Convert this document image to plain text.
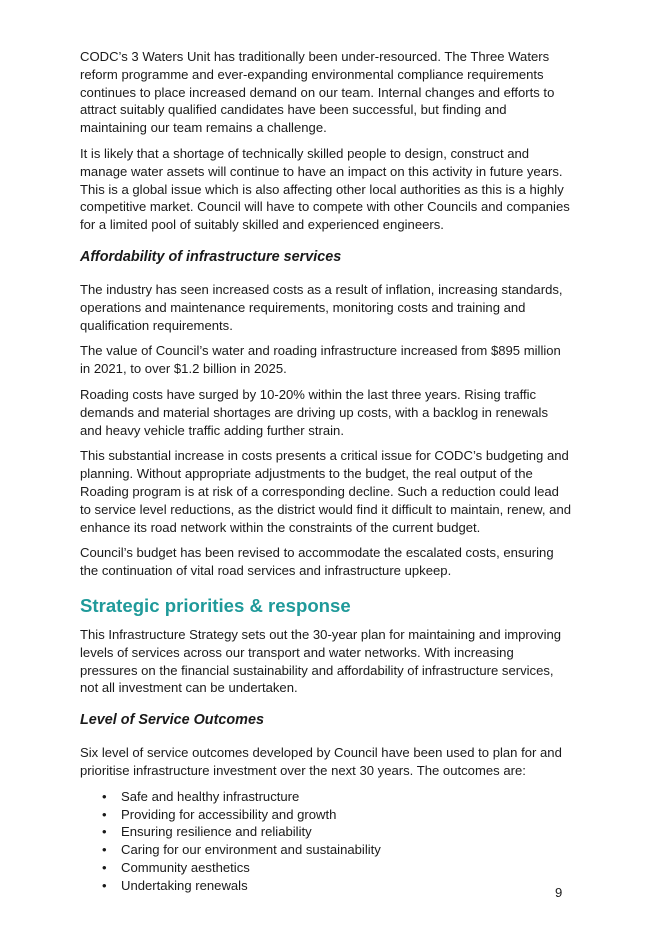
CODC’s 3 Waters Unit has traditionally been under-resourced. The Three Waters reform programme and ever-expanding environmental compliance requirements continues to place increased demand on our team. Internal changes and efforts to attract suitably qualified candidates have been successful, but finding and maintaining our team remains a challenge.

It is likely that a shortage of technically skilled people to design, construct and manage water assets will continue to have an impact on this activity in future years. This is a global issue which is also affecting other local authorities as this is a highly competitive market. Council will have to compete with other Councils and companies for a limited pool of suitably skilled and experienced engineers.

Affordability of infrastructure services

The industry has seen increased costs as a result of inflation, increasing standards, operations and maintenance requirements, monitoring costs and training and qualification requirements.

The value of Council’s water and roading infrastructure increased from $895 million in 2021, to over $1.2 billion in 2025.

Roading costs have surged by 10-20% within the last three years. Rising traffic demands and material shortages are driving up costs, with a backlog in renewals and heavy vehicle traffic adding further strain.

This substantial increase in costs presents a critical issue for CODC’s budgeting and planning. Without appropriate adjustments to the budget, the real output of the Roading program is at risk of a corresponding decline. Such a reduction could lead to service level reductions, as the district would find it difficult to maintain, renew, and enhance its road network within the constraints of the current budget.

Council’s budget has been revised to accommodate the escalated costs, ensuring the continuation of vital road services and infrastructure upkeep.

Strategic priorities & response

This Infrastructure Strategy sets out the 30-year plan for maintaining and improving levels of services across our transport and water networks. With increasing pressures on the financial sustainability and affordability of infrastructure services, not all investment can be undertaken.

Level of Service Outcomes

Six level of service outcomes developed by Council have been used to plan for and prioritise infrastructure investment over the next 30 years. The outcomes are:

• Safe and healthy infrastructure
• Providing for accessibility and growth
• Ensuring resilience and reliability
• Caring for our environment and sustainability
• Community aesthetics
• Undertaking renewals	9
